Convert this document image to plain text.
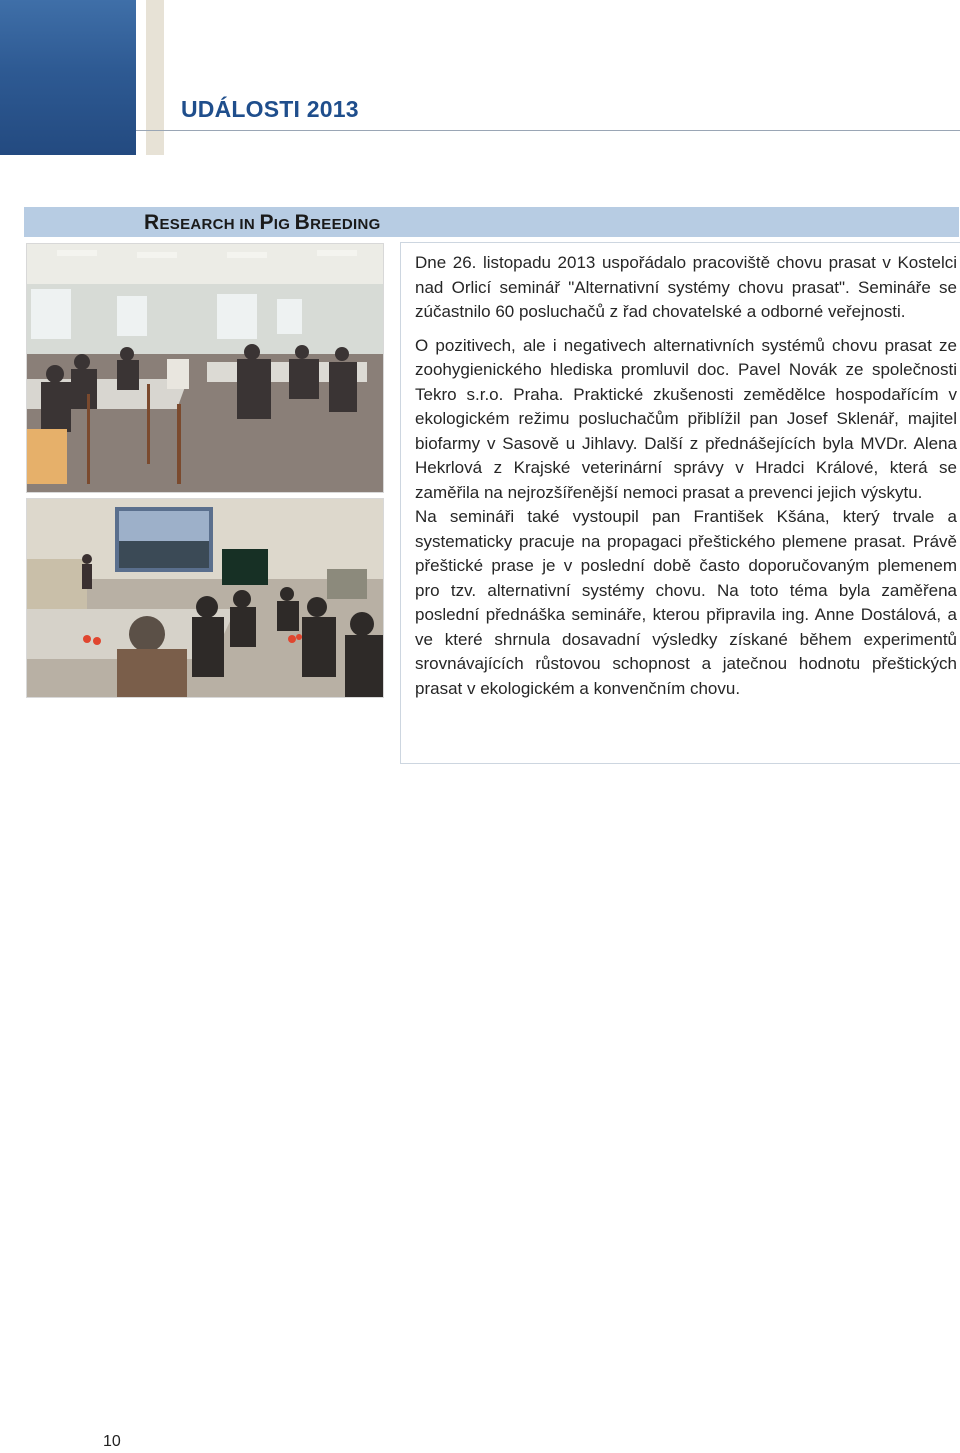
UDÁLOSTI 2013
RESEARCH IN PIG BREEDING

Dne 26. listopadu 2013 uspořádalo pracoviště chovu prasat v Kostelci nad Orlicí seminář "Alternativní systémy chovu prasat". Semináře se zúčastnilo 60 posluchačů z řad chovatelské a odborné veřejnosti.

O pozitivech, ale i negativech alternativních systémů chovu prasat ze zoohygienického hlediska promluvil doc. Pavel Novák ze společnosti Tekro s.r.o. Praha. Praktické zkušenosti zemědělce hospodařícím v ekologickém režimu posluchačům přiblížil pan Josef Sklenář, majitel biofarmy v Sasově u Jihlavy. Další z přednášejících byla MVDr. Alena Hekrlová z Krajské veterinární správy v Hradci Králové, která se zaměřila na nejrozšířenější nemoci prasat a prevenci jejich výskytu.

Na semináři také vystoupil pan František Kšána, který trvale a systematicky pracuje na propagaci přeštického plemene prasat. Právě přeštické prase je v poslední době často doporučovaným plemenem pro tzv. alternativní systémy chovu. Na toto téma byla zaměřena poslední přednáška semináře, kterou připravila ing. Anne Dostálová, a ve které shrnula dosavadní výsledky získané během experimentů srovnávajících růstovou schopnost a jatečnou hodnotu přeštických prasat v ekologickém a konvenčním chovu.

10
